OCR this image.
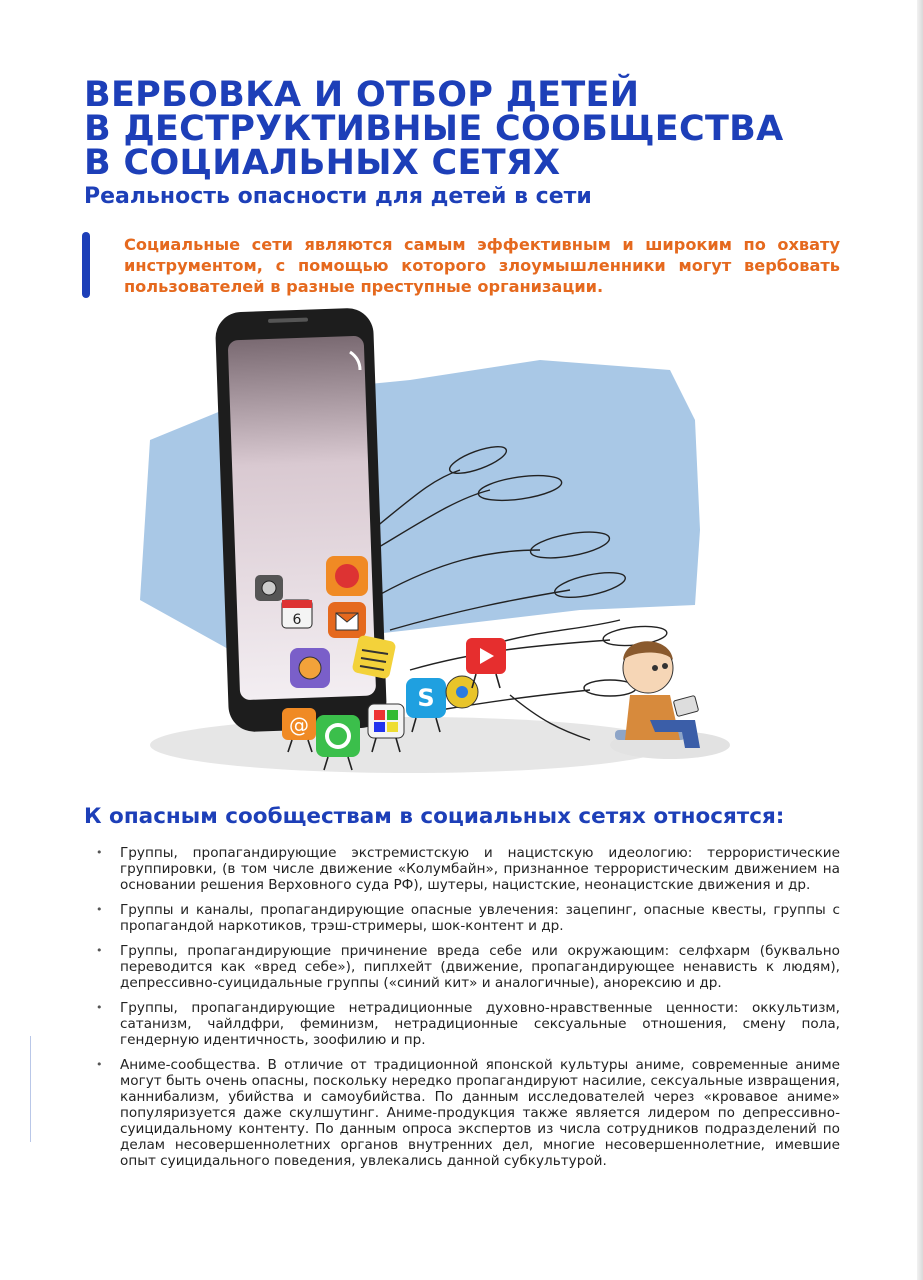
ВЕРБОВКА И ОТБОР ДЕТЕЙ
В ДЕСТРУКТИВНЫЕ СООБЩЕСТВА
В СОЦИАЛЬНЫХ СЕТЯХ
Реальность опасности для детей в сети

Социальные сети являются самым эффективным и широким по охвату инструментом, с помощью которого злоумышленники могут вербовать пользователей в разные преступные организации.

6
S
@
К опасным сообществам в социальных сетях относятся:
• Группы, пропагандирующие экстремистскую и нацистскую идеологию: террористические группировки, (в том числе движение «Колумбайн», признанное террористическим движением на основании решения Верховного суда РФ), шутеры, нацистские, неонацистские движения и др.
• Группы и каналы, пропагандирующие опасные увлечения: зацепинг, опасные квесты, группы с пропагандой наркотиков, трэш-стримеры, шок-контент и др.
• Группы, пропагандирующие причинение вреда себе или окружающим: селфхарм (буквально переводится как «вред себе»), пиплхейт (движение, пропагандирующее ненависть к людям), депрессивно-суицидальные группы («синий кит» и аналогичные), анорексию и др.
• Группы, пропагандирующие нетрадиционные духовно-нравственные ценности: оккультизм, сатанизм, чайлдфри, феминизм, нетрадиционные сексуальные отношения, смену пола, гендерную идентичность, зоофилию и пр.
• Аниме-сообщества. В отличие от традиционной японской культуры аниме, современные аниме могут быть очень опасны, поскольку нередко пропагандируют насилие, сексуальные извращения, каннибализм, убийства и самоубийства. По данным исследователей через «кровавое аниме» популяризуется даже скулшутинг. Аниме-продукция также является лидером по депрессивно-суицидальному контенту. По данным опроса экспертов из числа сотрудников подразделений по делам несовершеннолетних органов внутренних дел, многие несовершеннолетние, имевшие опыт суицидального поведения, увлекались данной субкультурой.
